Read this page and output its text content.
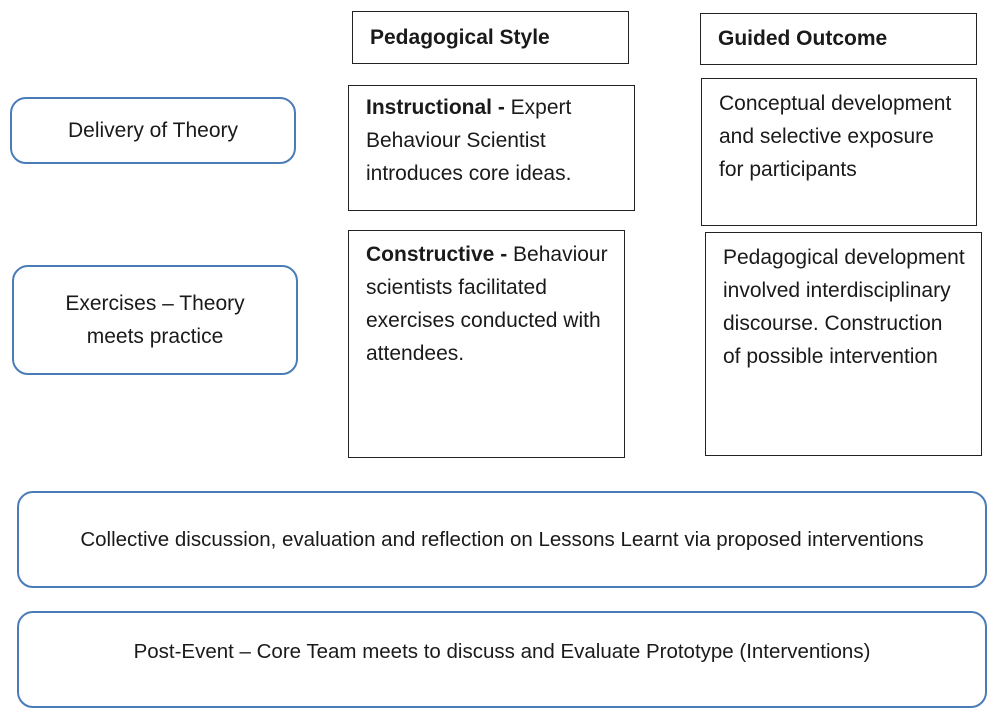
Pedagogical Style	Guided Outcome
Delivery of Theory
Instructional - Expert Behaviour Scientist introduces core ideas.
Conceptual development and selective exposure for participants
Exercises – Theory meets practice
Constructive - Behaviour scientists facilitated exercises conducted with attendees.
Pedagogical development involved interdisciplinary discourse. Construction of possible intervention
Collective discussion, evaluation and reflection on Lessons Learnt via proposed interventions
Post-Event – Core Team meets to discuss and Evaluate Prototype (Interventions)
